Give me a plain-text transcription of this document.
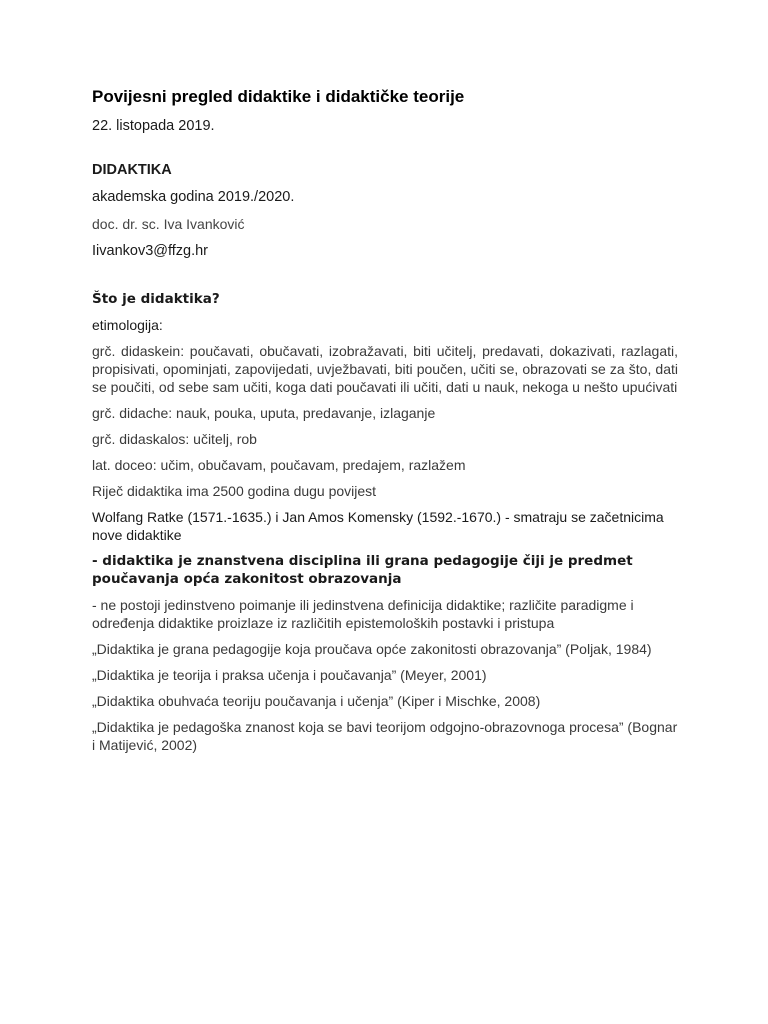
Povijesni pregled didaktike i didaktičke teorije
22. listopada 2019.
DIDAKTIKA
akademska godina 2019./2020.
doc. dr. sc. Iva Ivanković
Iivankov3@ffzg.hr
Što je didaktika?
etimologija:
grč. didaskein: poučavati, obučavati, izobražavati, biti učitelj, predavati, dokazivati, razlagati, propisivati, opominjati, zapovijedati, uvježbavati, biti poučen, učiti se, obrazovati se za što, dati se poučiti, od sebe sam učiti, koga dati poučavati ili učiti, dati u nauk, nekoga u nešto upućivati
grč. didache: nauk, pouka, uputa, predavanje, izlaganje
grč. didaskalos: učitelj, rob
lat. doceo: učim, obučavam, poučavam, predajem, razlažem
Riječ didaktika ima 2500 godina dugu povijest
Wolfang Ratke (1571.-1635.) i Jan Amos Komensky (1592.-1670.) - smatraju se začetnicima nove didaktike
- didaktika je znanstvena disciplina ili grana pedagogije čiji je predmet poučavanja opća zakonitost obrazovanja
- ne postoji jedinstveno poimanje ili jedinstvena definicija didaktike; različite paradigme i određenja didaktike proizlaze iz različitih epistemoloških postavki i pristupa
„Didaktika je grana pedagogije koja proučava opće zakonitosti obrazovanja” (Poljak, 1984)
„Didaktika je teorija i praksa učenja i poučavanja” (Meyer, 2001)
„Didaktika obuhvaća teoriju poučavanja i učenja” (Kiper i Mischke, 2008)
„Didaktika je pedagoška znanost koja se bavi teorijom odgojno-obrazovnoga procesa” (Bognar i Matijević, 2002)
